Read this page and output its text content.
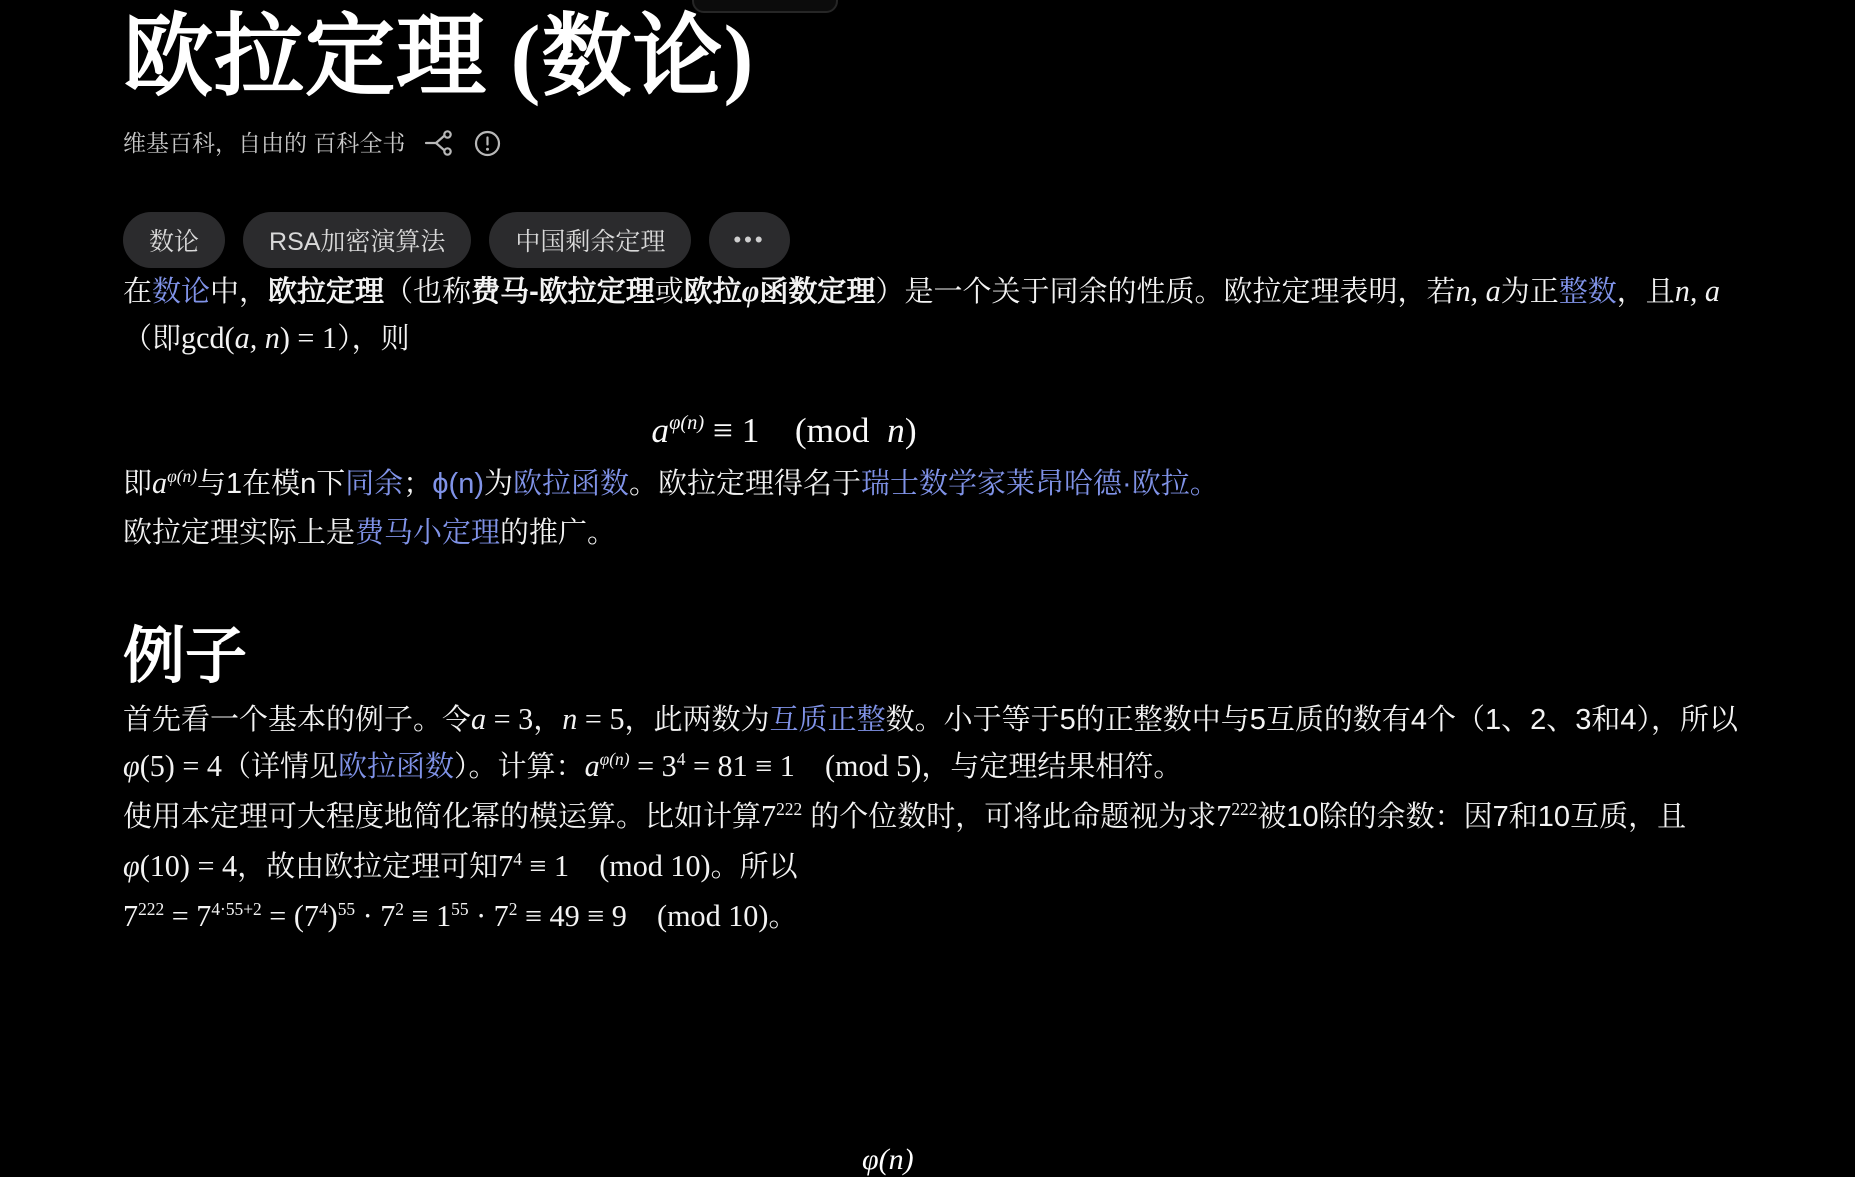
欧拉定理 (数论)
维基百科，自由的 百科全书
数论	RSA加密演算法	中国剩余定理	•••

在数论中，欧拉定理（也称费马-欧拉定理或欧拉φ函数定理）是一个关于同余的性质。欧拉定理表明，若n, a为正整数，且n, a（即gcd(a, n) = 1），则

$a^{\varphi(n)} \equiv 1$ (mod  n)

即$a^{\varphi(n)}$与1在模n下同余；ϕ(n)为欧拉函数。欧拉定理得名于瑞士数学家莱昂哈德·欧拉。

欧拉定理实际上是费马小定理的推广。

例子

首先看一个基本的例子。令a = 3，n = 5，此两数为互质正整数。小于等于5的正整数中与5互质的数有4个（1、2、3和4），所以φ(5) = 4（详情见欧拉函数）。计算：$a^{\varphi(n)} = 3^4 = 81 \equiv 1$ (mod 5)，与定理结果相符。

使用本定理可大程度地简化幂的模运算。比如计算$7^{222}$ 的个位数时，可将此命题视为求$7^{222}$被10除的余数：因7和10互质，且φ(10) = 4，故由欧拉定理可知$7^4 \equiv 1$ (mod 10)。所以
$7^{222} = 7^{4\cdot 55+2} = (7^4)^{55} \cdot 7^2 \equiv 1^{55} \cdot 7^2 \equiv 49 \equiv 9$ (mod 10)。

φ(n)
